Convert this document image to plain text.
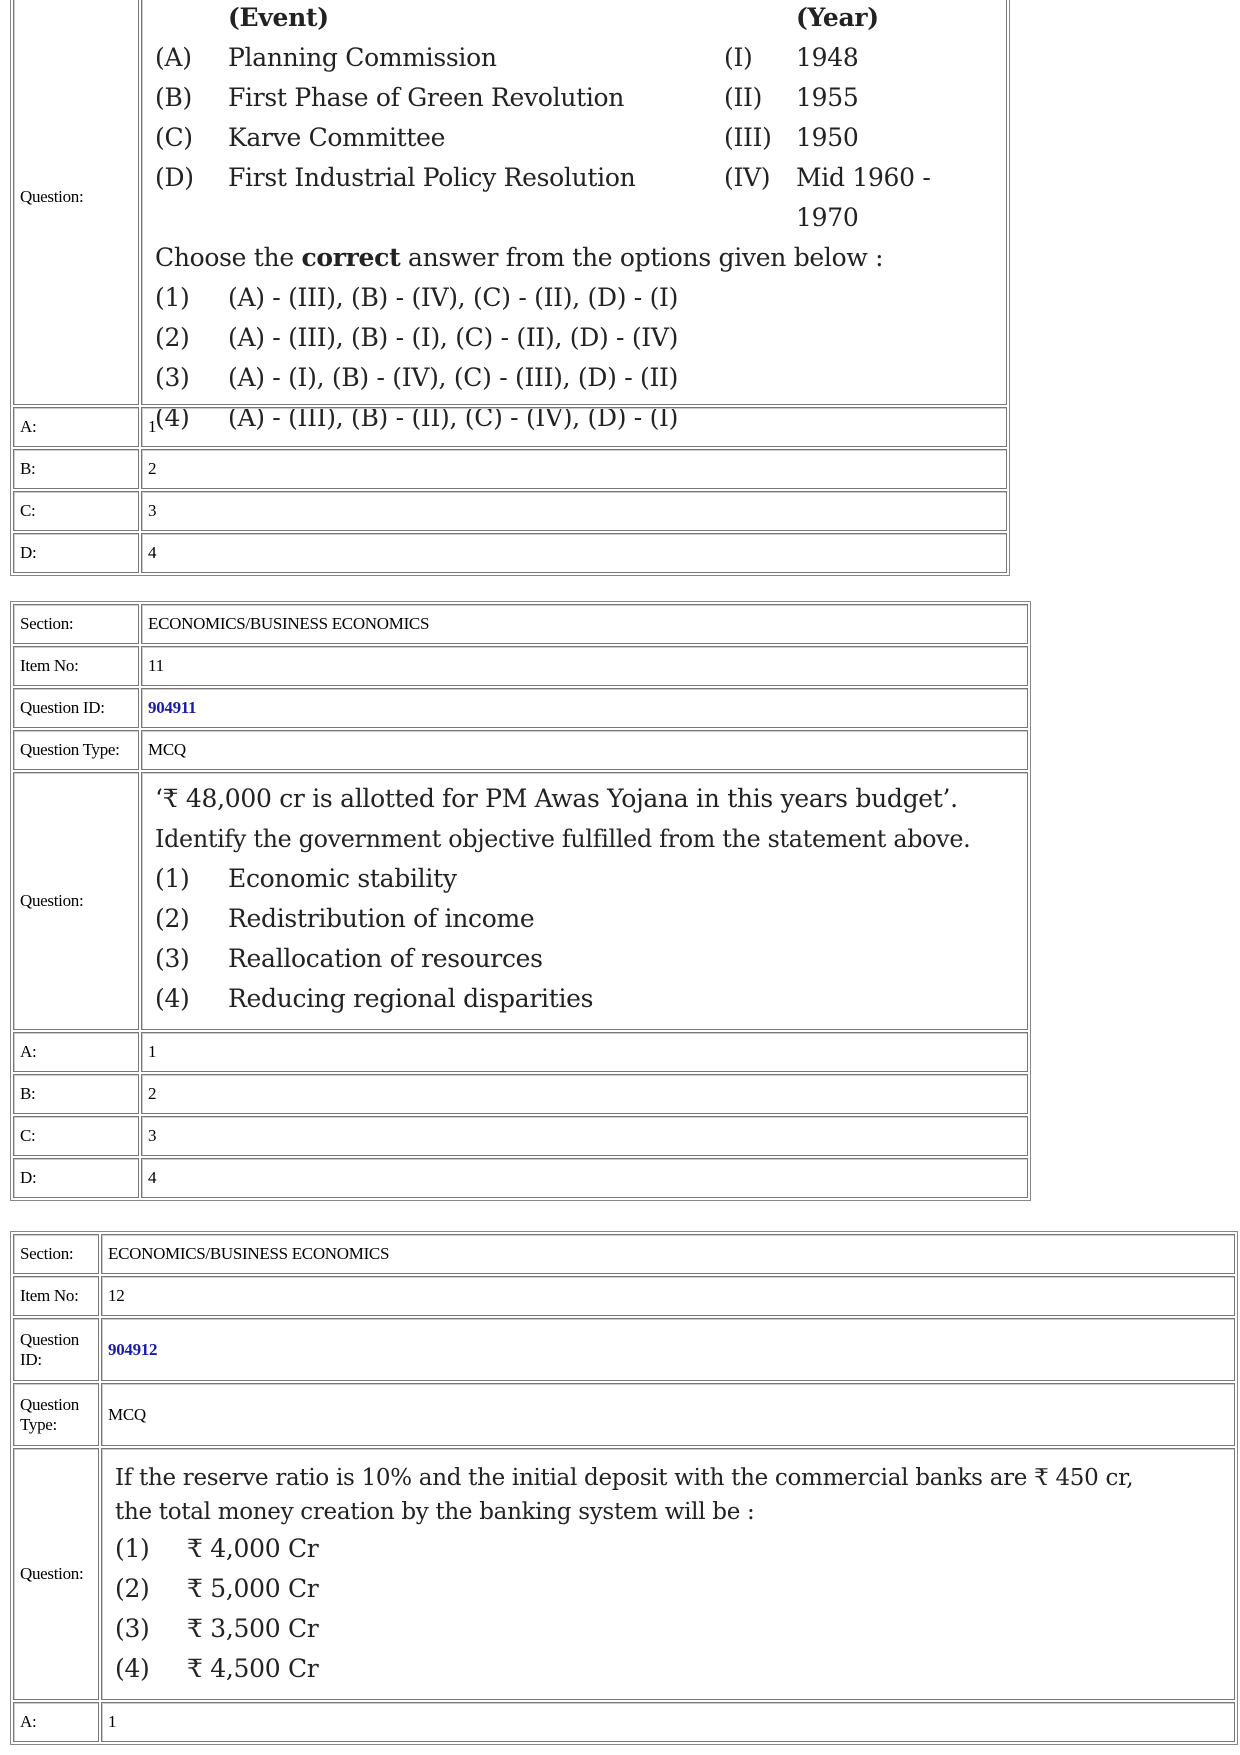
Question:
(Event)	(Year)
(A)	Planning Commission	(I)	1948
(B)	First Phase of Green Revolution	(II)	1955
(C)	Karve Committee	(III) 1950
(D)	First Industrial Policy Resolution	(IV)	Mid 1960 - 1970
Choose the correct answer from the options given below :
(1)	(A) - (III), (B) - (IV), (C) - (II), (D) - (I)
(2)	(A) - (III), (B) - (I), (C) - (II), (D) - (IV)
(3)	(A) - (I), (B) - (IV), (C) - (III), (D) - (II)
(4)	(A) - (III), (B) - (II), (C) - (IV), (D) - (I)
A:	1
B:	2
C:	3
D:	4
Section:	ECONOMICS/BUSINESS ECONOMICS
Item No:	11
Question ID:	904911
Question Type:	MCQ
Question:
‘₹ 48,000 cr is allotted for PM Awas Yojana in this years budget’.
Identify the government objective fulfilled from the statement above.
(1)	Economic stability
(2)	Redistribution of income
(3)	Reallocation of resources
(4)	Reducing regional disparities
A:	1
B:	2
C:	3
D:	4
Section:	ECONOMICS/BUSINESS ECONOMICS
Item No:	12
Question ID:
904912
Question Type:
MCQ
Question:
If the reserve ratio is 10% and the initial deposit with the commercial banks are ₹ 450 cr,
the total money creation by the banking system will be :
(1)	₹ 4,000 Cr
(2)	₹ 5,000 Cr
(3)	₹ 3,500 Cr
(4)	₹ 4,500 Cr
A:	1
